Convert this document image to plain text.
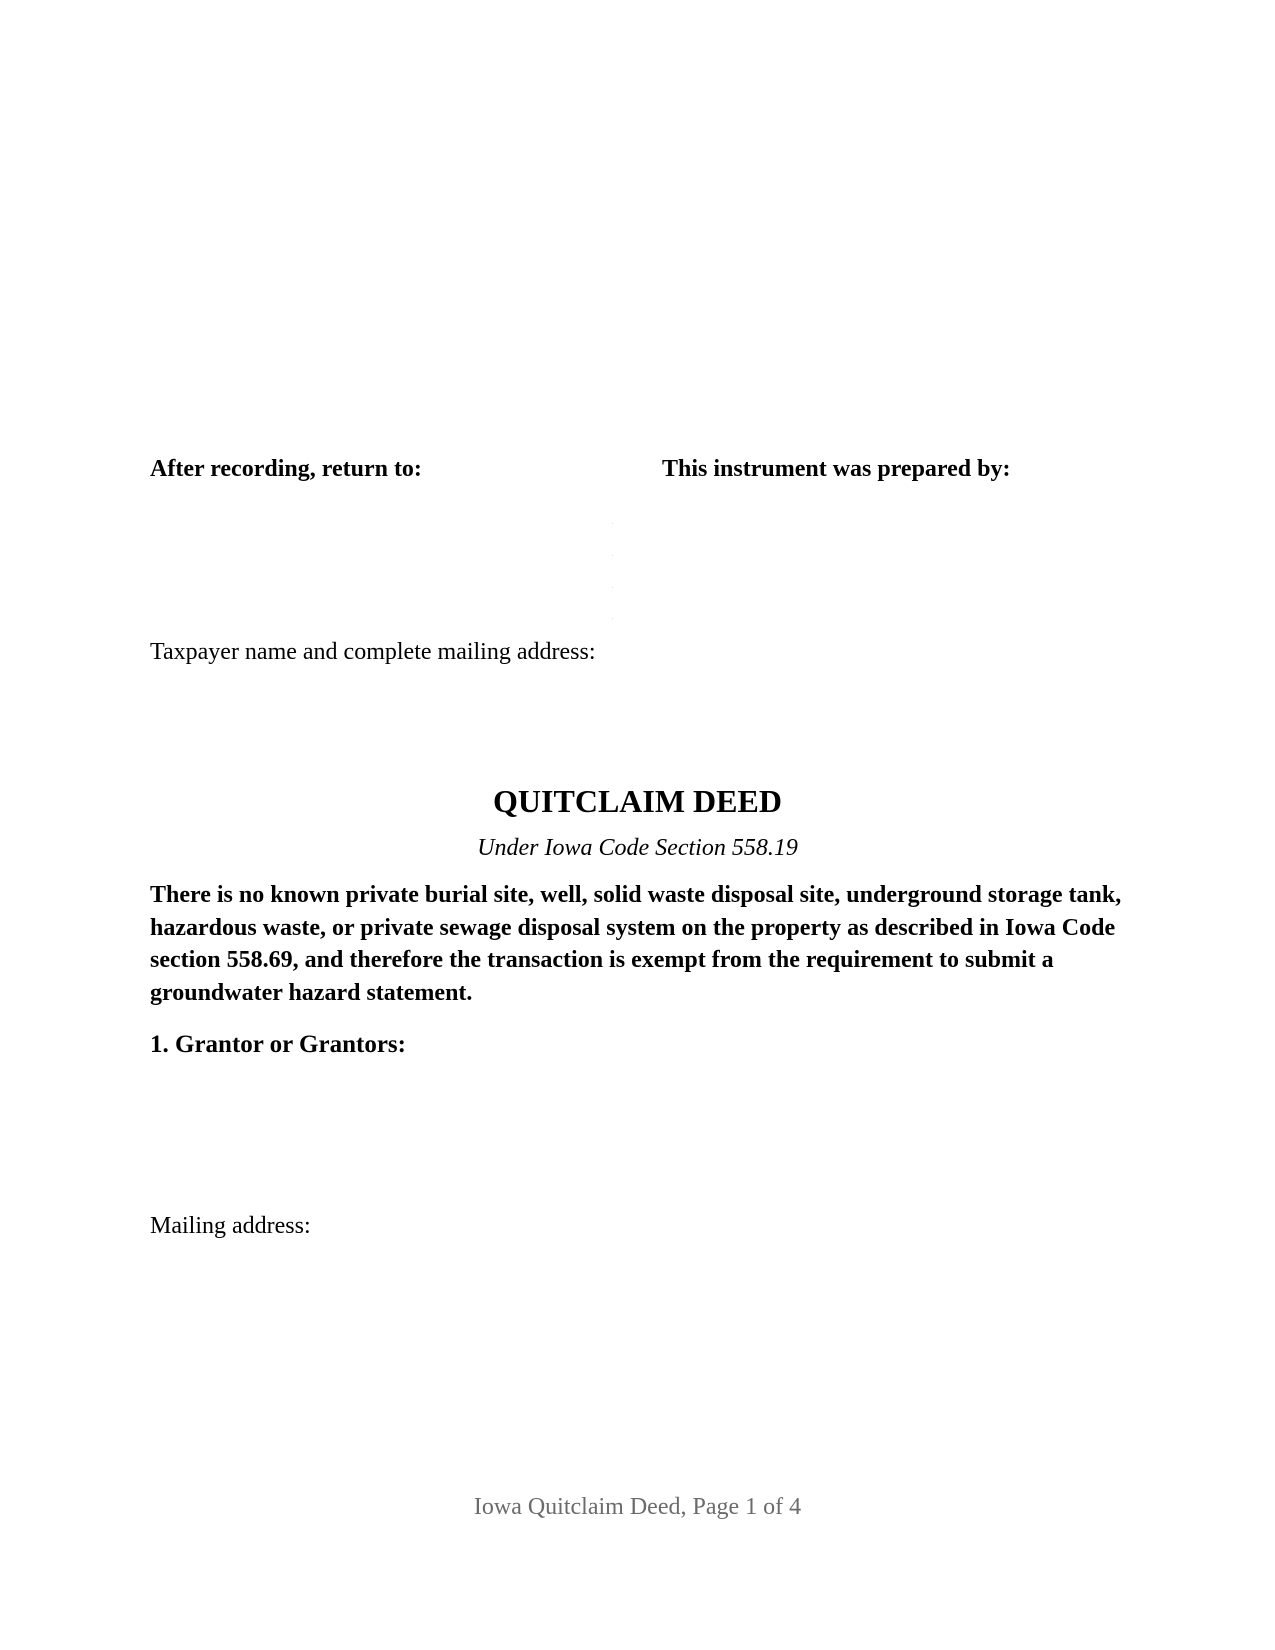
After recording, return to:	This instrument was prepared by:
Taxpayer name and complete mailing address:
QUITCLAIM DEED
Under Iowa Code Section 558.19
There is no known private burial site, well, solid waste disposal site, underground storage tank, hazardous waste, or private sewage disposal system on the property as described in Iowa Code section 558.69, and therefore the transaction is exempt from the requirement to submit a groundwater hazard statement.
1. Grantor or Grantors:
Mailing address:
Iowa Quitclaim Deed, Page 1 of 4
